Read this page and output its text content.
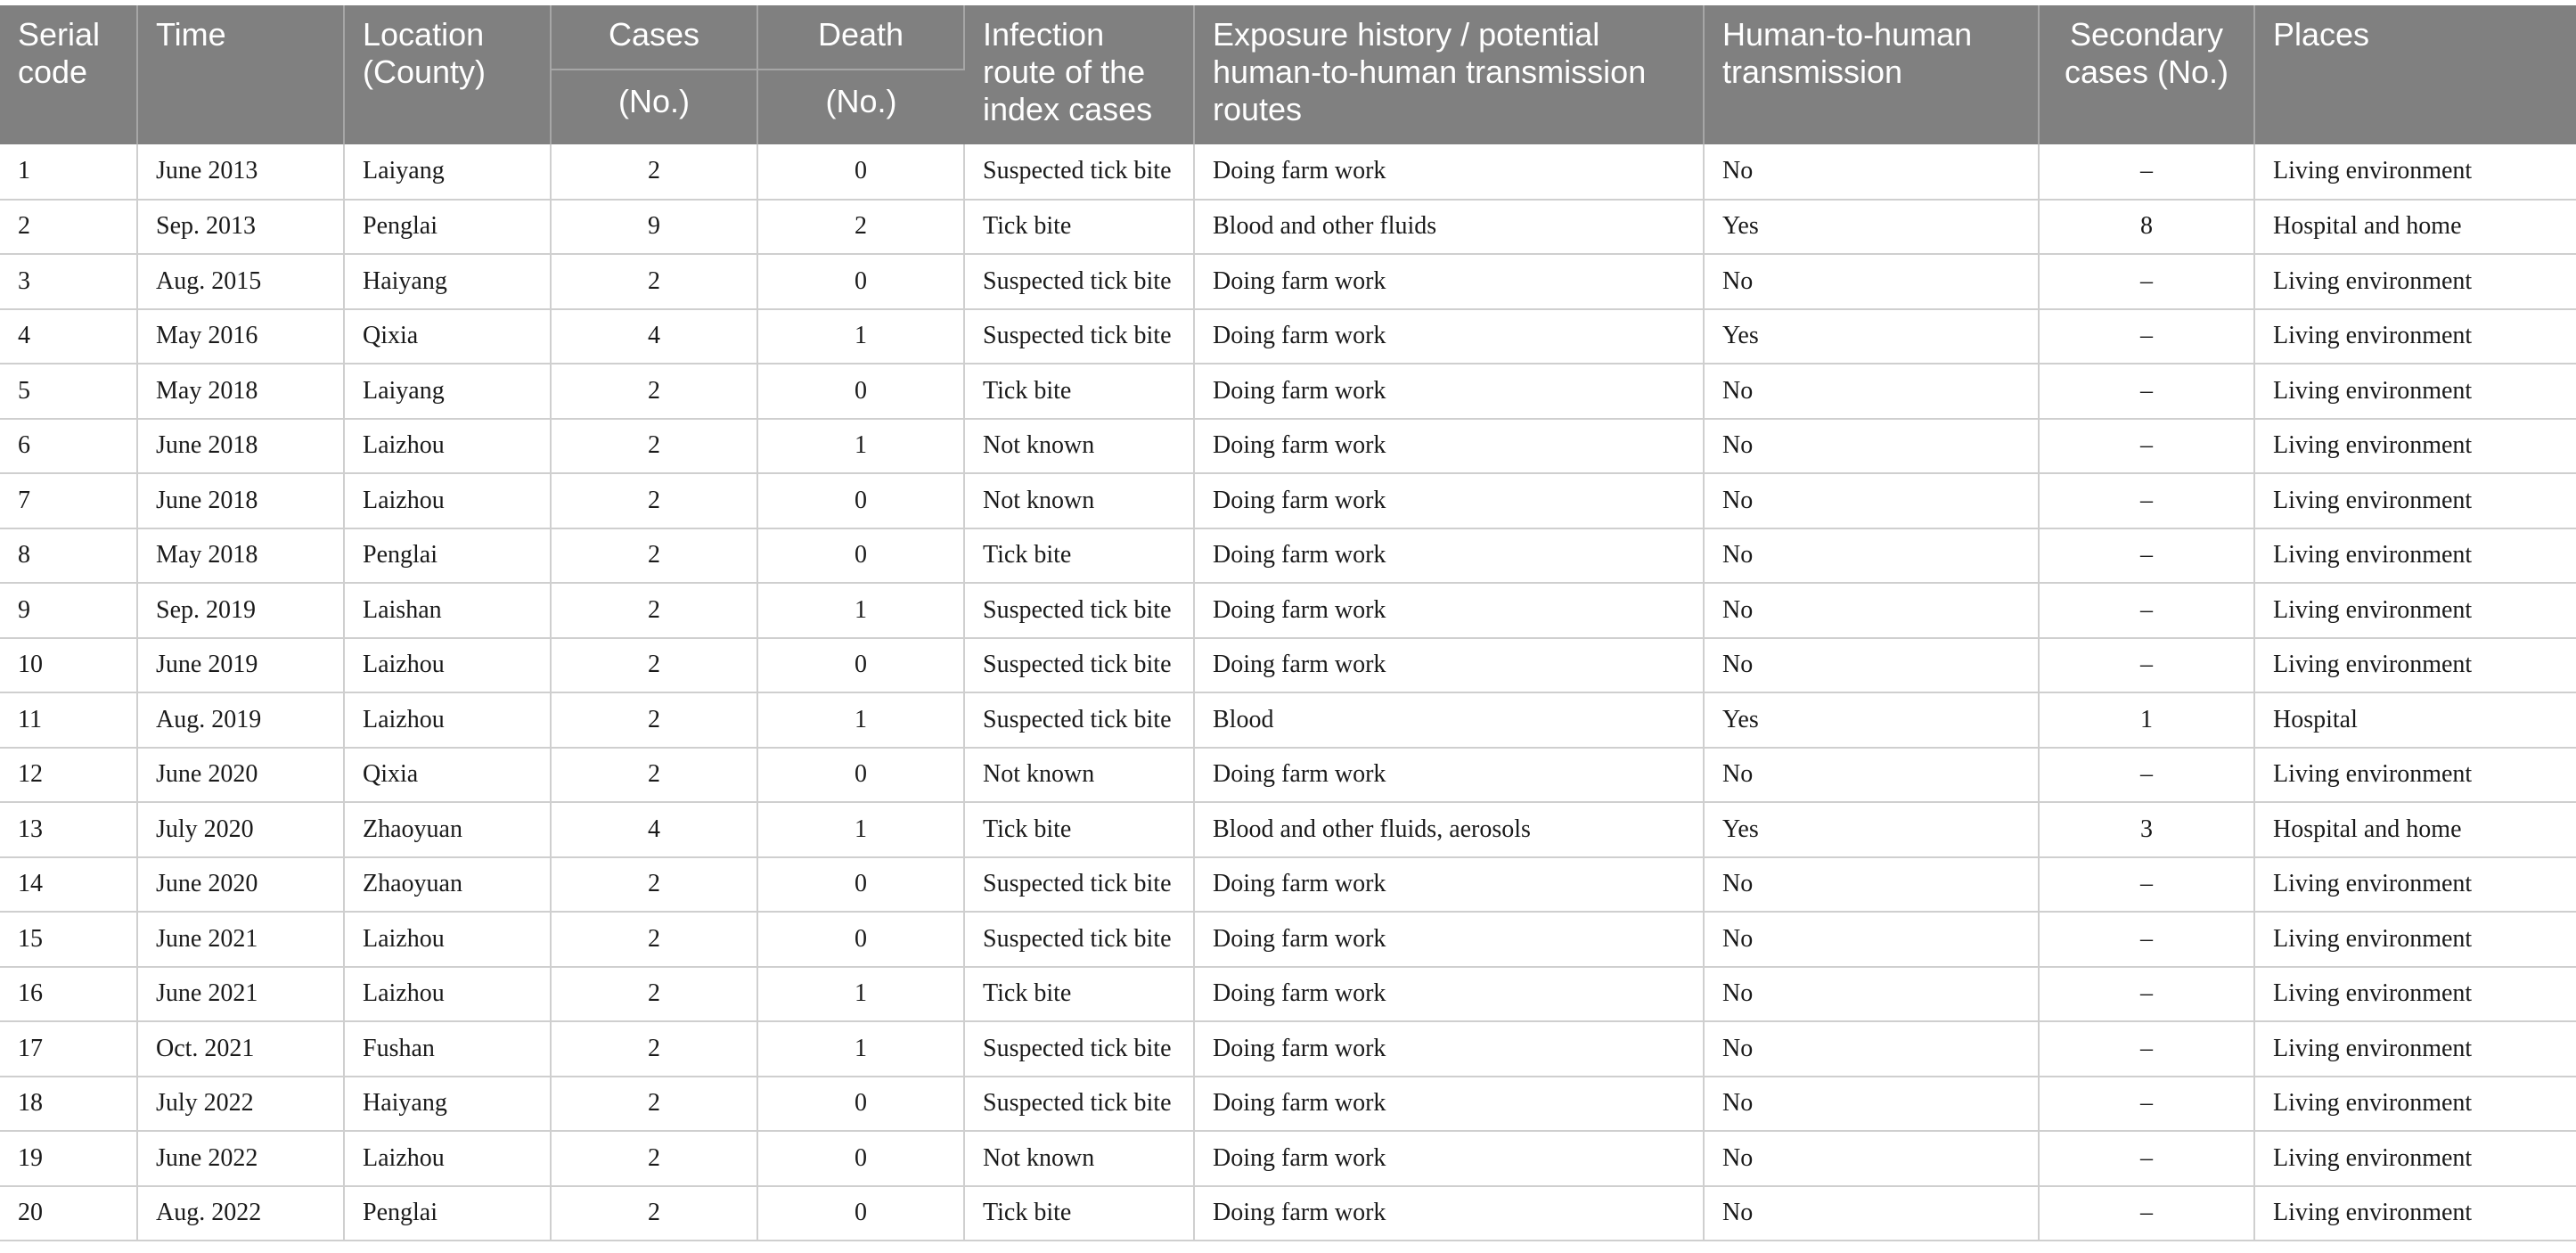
Serial code	Time	Location (County)	Cases	Death	Infection route of the index cases	Exposure history / potential human-to-human transmission routes	Human-to-human transmission	Secondary cases (No.)	Places
			(No.)	(No.)					
1	June 2013	Laiyang	2	0	Suspected tick bite	Doing farm work	No	–	Living environment
2	Sep. 2013	Penglai	9	2	Tick bite	Blood and other fluids	Yes	8	Hospital and home
3	Aug. 2015	Haiyang	2	0	Suspected tick bite	Doing farm work	No	–	Living environment
4	May 2016	Qixia	4	1	Suspected tick bite	Doing farm work	Yes	–	Living environment
5	May 2018	Laiyang	2	0	Tick bite	Doing farm work	No	–	Living environment
6	June 2018	Laizhou	2	1	Not known	Doing farm work	No	–	Living environment
7	June 2018	Laizhou	2	0	Not known	Doing farm work	No	–	Living environment
8	May 2018	Penglai	2	0	Tick bite	Doing farm work	No	–	Living environment
9	Sep. 2019	Laishan	2	1	Suspected tick bite	Doing farm work	No	–	Living environment
10	June 2019	Laizhou	2	0	Suspected tick bite	Doing farm work	No	–	Living environment
11	Aug. 2019	Laizhou	2	1	Suspected tick bite	Blood	Yes	1	Hospital
12	June 2020	Qixia	2	0	Not known	Doing farm work	No	–	Living environment
13	July 2020	Zhaoyuan	4	1	Tick bite	Blood and other fluids, aerosols	Yes	3	Hospital and home
14	June 2020	Zhaoyuan	2	0	Suspected tick bite	Doing farm work	No	–	Living environment
15	June 2021	Laizhou	2	0	Suspected tick bite	Doing farm work	No	–	Living environment
16	June 2021	Laizhou	2	1	Tick bite	Doing farm work	No	–	Living environment
17	Oct. 2021	Fushan	2	1	Suspected tick bite	Doing farm work	No	–	Living environment
18	July 2022	Haiyang	2	0	Suspected tick bite	Doing farm work	No	–	Living environment
19	June 2022	Laizhou	2	0	Not known	Doing farm work	No	–	Living environment
20	Aug. 2022	Penglai	2	0	Tick bite	Doing farm work	No	–	Living environment
